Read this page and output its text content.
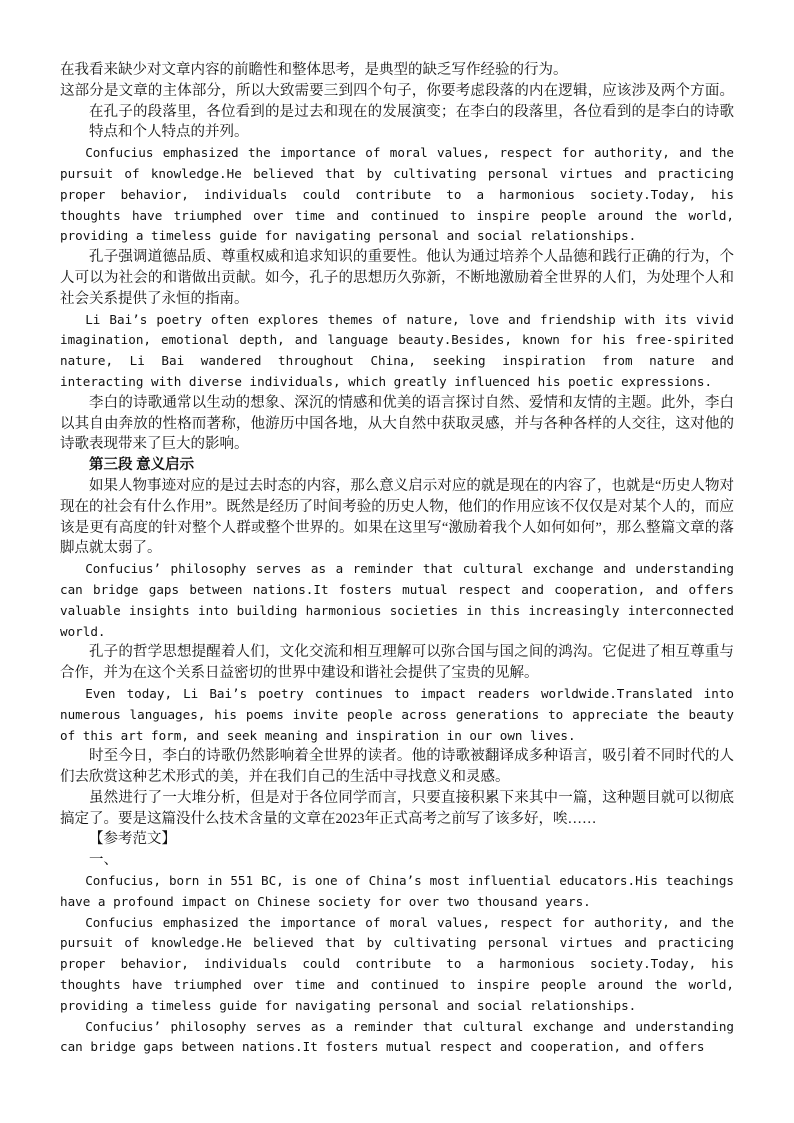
在我看来缺少对文章内容的前瞻性和整体思考，是典型的缺乏写作经验的行为。

这部分是文章的主体部分，所以大致需要三到四个句子，你要考虑段落的内在逻辑，应该涉及两个方面。在孔子的段落里，各位看到的是过去和现在的发展演变；在李白的段落里，各位看到的是李白的诗歌特点和个人特点的并列。

Confucius emphasized the importance of moral values, respect for authority, and the pursuit of knowledge.He believed that by cultivating personal virtues and practicing proper behavior, individuals could contribute to a harmonious society.Today, his thoughts have triumphed over time and continued to inspire people around the world, providing a timeless guide for navigating personal and social relationships.

孔子强调道德品质、尊重权威和追求知识的重要性。他认为通过培养个人品德和践行正确的行为，个人可以为社会的和谐做出贡献。如今，孔子的思想历久弥新，不断地激励着全世界的人们，为处理个人和社会关系提供了永恒的指南。

Li Bai’s poetry often explores themes of nature, love and friendship with its vivid imagination, emotional depth, and language beauty.Besides, known for his free-spirited nature, Li Bai wandered throughout China, seeking inspiration from nature and interacting with diverse individuals, which greatly influenced his poetic expressions.

李白的诗歌通常以生动的想象、深沉的情感和优美的语言探讨自然、爱情和友情的主题。此外，李白以其自由奔放的性格而著称，他游历中国各地，从大自然中获取灵感，并与各种各样的人交往，这对他的诗歌表现带来了巨大的影响。

第三段 意义启示

如果人物事迹对应的是过去时态的内容，那么意义启示对应的就是现在的内容了，也就是“历史人物对现在的社会有什么作用”。既然是经历了时间考验的历史人物，他们的作用应该不仅仅是对某个人的，而应该是更有高度的针对整个人群或整个世界的。如果在这里写“激励着我个人如何如何”，那么整篇文章的落脚点就太弱了。

Confucius’ philosophy serves as a reminder that cultural exchange and understanding can bridge gaps between nations.It fosters mutual respect and cooperation, and offers valuable insights into building harmonious societies in this increasingly interconnected world.

孔子的哲学思想提醒着人们，文化交流和相互理解可以弥合国与国之间的鸿沟。它促进了相互尊重与合作，并为在这个关系日益密切的世界中建设和谐社会提供了宝贵的见解。

Even today, Li Bai’s poetry continues to impact readers worldwide.Translated into numerous languages, his poems invite people across generations to appreciate the beauty of this art form, and seek meaning and inspiration in our own lives.

时至今日，李白的诗歌仍然影响着全世界的读者。他的诗歌被翻译成多种语言，吸引着不同时代的人们去欣赏这种艺术形式的美，并在我们自己的生活中寻找意义和灵感。

虽然进行了一大堆分析，但是对于各位同学而言，只要直接积累下来其中一篇，这种题目就可以彻底搞定了。要是这篇没什么技术含量的文章在2023年正式高考之前写了该多好，唉……

【参考范文】

一、

Confucius, born in 551 BC, is one of China’s most influential educators.His teachings have a profound impact on Chinese society for over two thousand years.

Confucius emphasized the importance of moral values, respect for authority, and the pursuit of knowledge.He believed that by cultivating personal virtues and practicing proper behavior, individuals could contribute to a harmonious society.Today, his thoughts have triumphed over time and continued to inspire people around the world, providing a timeless guide for navigating personal and social relationships.

Confucius’ philosophy serves as a reminder that cultural exchange and understanding can bridge gaps between nations.It fosters mutual respect and cooperation, and offers
